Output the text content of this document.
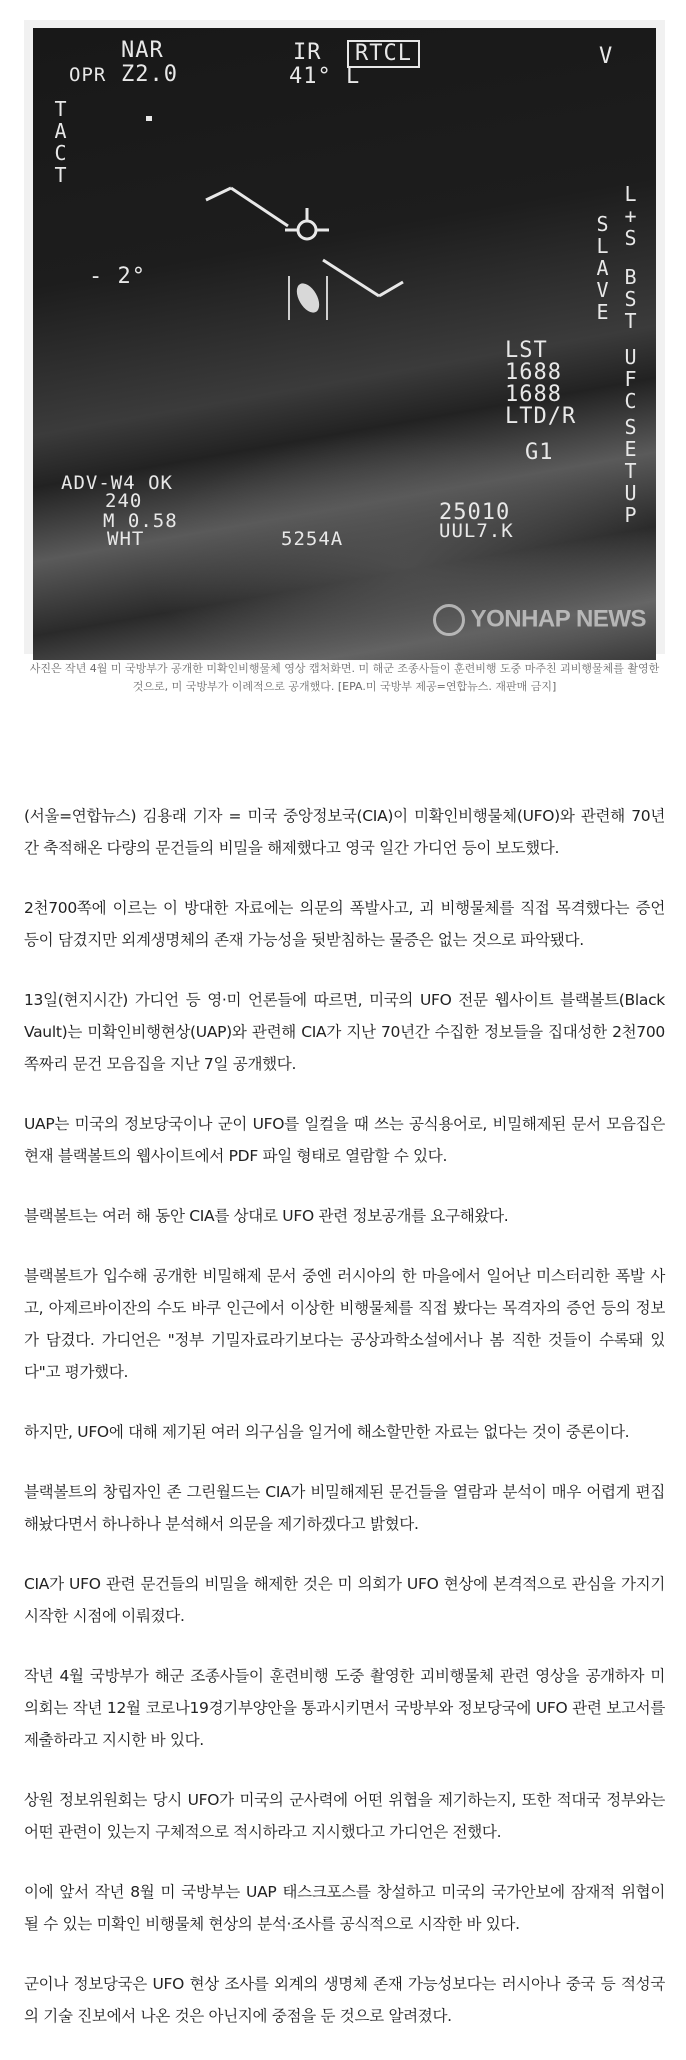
NAR
Z2.0
OPR
IR
41° L
RTCL	V
TACT
- 2°
L+S
SLAVE
BST
LST
1688
1688
LTD/R
G1
UFC
SETUP
ADV-W4 OK
240
M 0.58
WHT	5254A
25010
UUL7.K
YONHAP NEWS
사진은 작년 4월 미 국방부가 공개한 미확인비행물체 영상 캡처화면. 미 해군 조종사들이 훈련비행 도중 마주친 괴비행물체를 촬영한 것으로, 미 국방부가 이례적으로 공개했다. [EPA.미 국방부 제공=연합뉴스. 재판매 금지]

(서울=연합뉴스) 김용래 기자 = 미국 중앙정보국(CIA)이 미확인비행물체(UFO)와 관련해 70년간 축적해온 다량의 문건들의 비밀을 해제했다고 영국 일간 가디언 등이 보도했다.

2천700쪽에 이르는 이 방대한 자료에는 의문의 폭발사고, 괴 비행물체를 직접 목격했다는 증언 등이 담겼지만 외계생명체의 존재 가능성을 뒷받침하는 물증은 없는 것으로 파악됐다.

13일(현지시간) 가디언 등 영·미 언론들에 따르면, 미국의 UFO 전문 웹사이트 블랙볼트(Black Vault)는 미확인비행현상(UAP)와 관련해 CIA가 지난 70년간 수집한 정보들을 집대성한 2천700쪽짜리 문건 모음집을 지난 7일 공개했다.

UAP는 미국의 정보당국이나 군이 UFO를 일컬을 때 쓰는 공식용어로, 비밀해제된 문서 모음집은 현재 블랙볼트의 웹사이트에서 PDF 파일 형태로 열람할 수 있다.

블랙볼트는 여러 해 동안 CIA를 상대로 UFO 관련 정보공개를 요구해왔다.

블랙볼트가 입수해 공개한 비밀해제 문서 중엔 러시아의 한 마을에서 일어난 미스터리한 폭발 사고, 아제르바이잔의 수도 바쿠 인근에서 이상한 비행물체를 직접 봤다는 목격자의 증언 등의 정보가 담겼다. 가디언은 "정부 기밀자료라기보다는 공상과학소설에서나 봄 직한 것들이 수록돼 있다"고 평가했다.

하지만, UFO에 대해 제기된 여러 의구심을 일거에 해소할만한 자료는 없다는 것이 중론이다.

블랙볼트의 창립자인 존 그린월드는 CIA가 비밀해제된 문건들을 열람과 분석이 매우 어렵게 편집해놨다면서 하나하나 분석해서 의문을 제기하겠다고 밝혔다.

CIA가 UFO 관련 문건들의 비밀을 해제한 것은 미 의회가 UFO 현상에 본격적으로 관심을 가지기 시작한 시점에 이뤄졌다.

작년 4월 국방부가 해군 조종사들이 훈련비행 도중 촬영한 괴비행물체 관련 영상을 공개하자 미 의회는 작년 12월 코로나19경기부양안을 통과시키면서 국방부와 정보당국에 UFO 관련 보고서를 제출하라고 지시한 바 있다.

상원 정보위원회는 당시 UFO가 미국의 군사력에 어떤 위협을 제기하는지, 또한 적대국 정부와는 어떤 관련이 있는지 구체적으로 적시하라고 지시했다고 가디언은 전했다.

이에 앞서 작년 8월 미 국방부는 UAP 태스크포스를 창설하고 미국의 국가안보에 잠재적 위협이 될 수 있는 미확인 비행물체 현상의 분석·조사를 공식적으로 시작한 바 있다.

군이나 정보당국은 UFO 현상 조사를 외계의 생명체 존재 가능성보다는 러시아나 중국 등 적성국의 기술 진보에서 나온 것은 아닌지에 중점을 둔 것으로 알려졌다.
